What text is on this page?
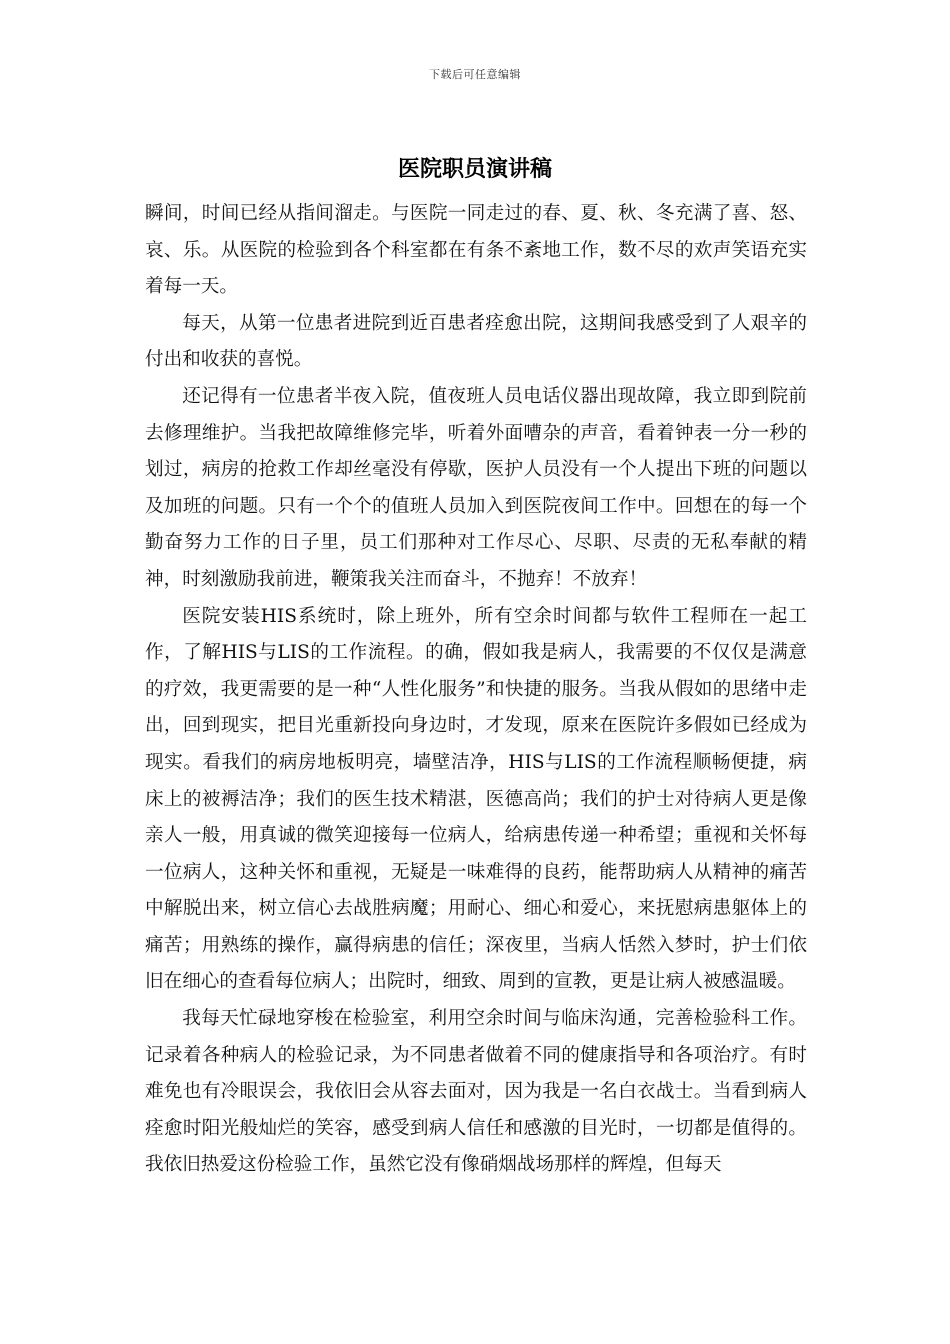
下载后可任意编辑
医院职员演讲稿

瞬间，时间已经从指间溜走。与医院一同走过的春、夏、秋、冬充满了喜、怒、哀、乐。从医院的检验到各个科室都在有条不紊地工作，数不尽的欢声笑语充实着每一天。

每天，从第一位患者进院到近百患者痊愈出院，这期间我感受到了人艰辛的付出和收获的喜悦。

还记得有一位患者半夜入院，值夜班人员电话仪器出现故障，我立即到院前去修理维护。当我把故障维修完毕，听着外面嘈杂的声音，看着钟表一分一秒的划过，病房的抢救工作却丝毫没有停歇，医护人员没有一个人提出下班的问题以及加班的问题。只有一个个的值班人员加入到医院夜间工作中。回想在的每一个勤奋努力工作的日子里，员工们那种对工作尽心、尽职、尽责的无私奉献的精神，时刻激励我前进，鞭策我关注而奋斗，不抛弃！不放弃！

医院安装HIS系统时，除上班外，所有空余时间都与软件工程师在一起工作，了解HIS与LIS的工作流程。的确，假如我是病人，我需要的不仅仅是满意的疗效，我更需要的是一种“人性化服务”和快捷的服务。当我从假如的思绪中走出，回到现实，把目光重新投向身边时，才发现，原来在医院许多假如已经成为现实。看我们的病房地板明亮，墙壁洁净，HIS与LIS的工作流程顺畅便捷，病床上的被褥洁净；我们的医生技术精湛，医德高尚；我们的护士对待病人更是像亲人一般，用真诚的微笑迎接每一位病人，给病患传递一种希望；重视和关怀每一位病人，这种关怀和重视，无疑是一味难得的良药，能帮助病人从精神的痛苦中解脱出来，树立信心去战胜病魔；用耐心、细心和爱心，来抚慰病患躯体上的痛苦；用熟练的操作，赢得病患的信任；深夜里，当病人恬然入梦时，护士们依旧在细心的查看每位病人；出院时，细致、周到的宣教，更是让病人被感温暖。

我每天忙碌地穿梭在检验室，利用空余时间与临床沟通，完善检验科工作。记录着各种病人的检验记录，为不同患者做着不同的健康指导和各项治疗。有时难免也有冷眼误会，我依旧会从容去面对，因为我是一名白衣战士。当看到病人痊愈时阳光般灿烂的笑容，感受到病人信任和感激的目光时，一切都是值得的。我依旧热爱这份检验工作，虽然它没有像硝烟战场那样的辉煌，但每天
